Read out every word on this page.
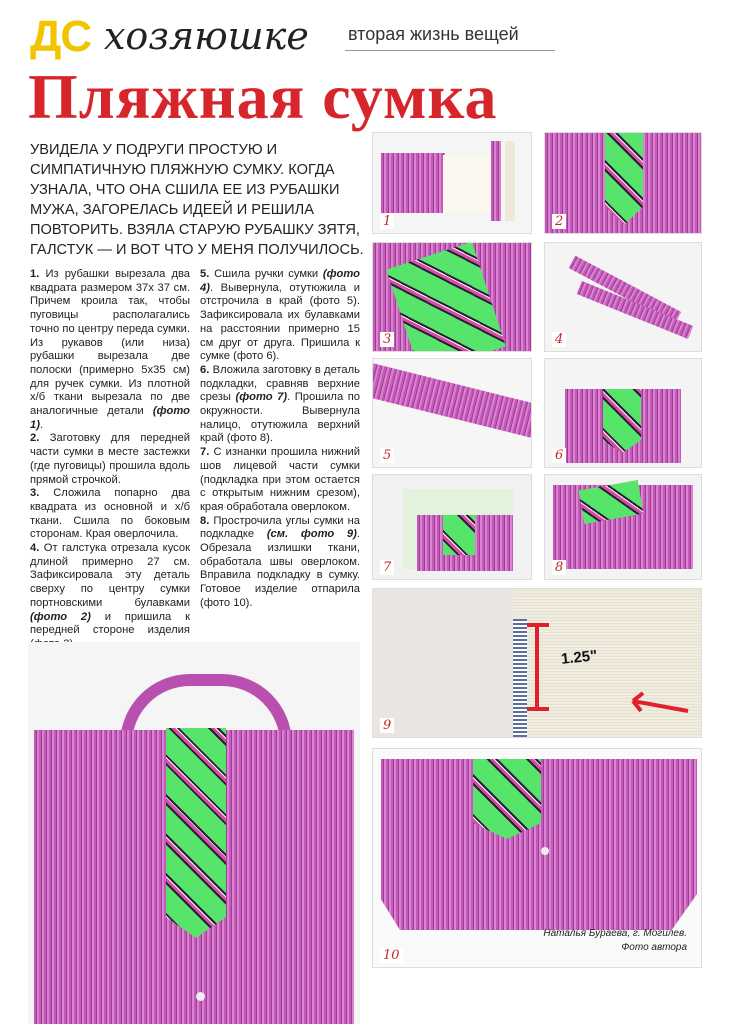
ДС хозяюшке вторая жизнь вещей
Пляжная сумка
УВИДЕЛА У ПОДРУГИ ПРОСТУЮ И СИМПАТИЧНУЮ ПЛЯЖНУЮ СУМКУ. КОГДА УЗНАЛА, ЧТО ОНА СШИЛА ЕЕ ИЗ РУБАШКИ МУЖА, ЗАГОРЕЛАСЬ ИДЕЕЙ И РЕШИЛА ПОВТОРИТЬ. ВЗЯЛА СТАРУЮ РУБАШКУ ЗЯТЯ, ГАЛСТУК — И ВОТ ЧТО У МЕНЯ ПОЛУЧИЛОСЬ.

1. Из рубашки вырезала два квадрата размером 37х 37 см. Причем кроила так, чтобы пуговицы располагались точно по центру переда сумки. Из рукавов (или низа) рубашки вырезала две полоски (примерно 5х35 см) для ручек сумки. Из плотной х/б ткани вырезала по две аналогичные детали (фото 1).

2. Заготовку для передней части сумки в месте застежки (где пуговицы) прошила вдоль прямой строчкой.

3. Сложила попарно два квадрата из основной и х/б ткани. Сшила по боковым сторонам. Края оверлочила.

4. От галстука отрезала кусок длиной примерно 27 см. Зафиксировала эту деталь сверху по центру сумки портновскими булавками (фото 2) и пришила к передней стороне изделия

5. Сшила ручки сумки (фото 4). Вывернула, отутюжила и отстрочила в край (фото 5). Зафиксировала их булавками на расстоянии примерно 15 см друг от друга. Пришила к сумке (фото 6).

6. Вложила заготовку в деталь подкладки, сравняв верхние срезы (фото 7). Прошила по окружности. Вывернула налицо, отутюжила верхний край (фото 8).

7. С изнанки прошила нижний шов лицевой части сумки (подкладка при этом остается с открытым нижним срезом), края обработала оверлоком.

8. Прострочила углы сумки на подкладке (см. фото 9). Обрезала излишки ткани, обработала швы оверлоком. Вправила подкладку в сумку. Готовое изделие отпарила (фото 10).

1	2
3	4
5	6
7	8
1.25"
9
Наталья Бураева, г. Могилев.
Фото автора
10
